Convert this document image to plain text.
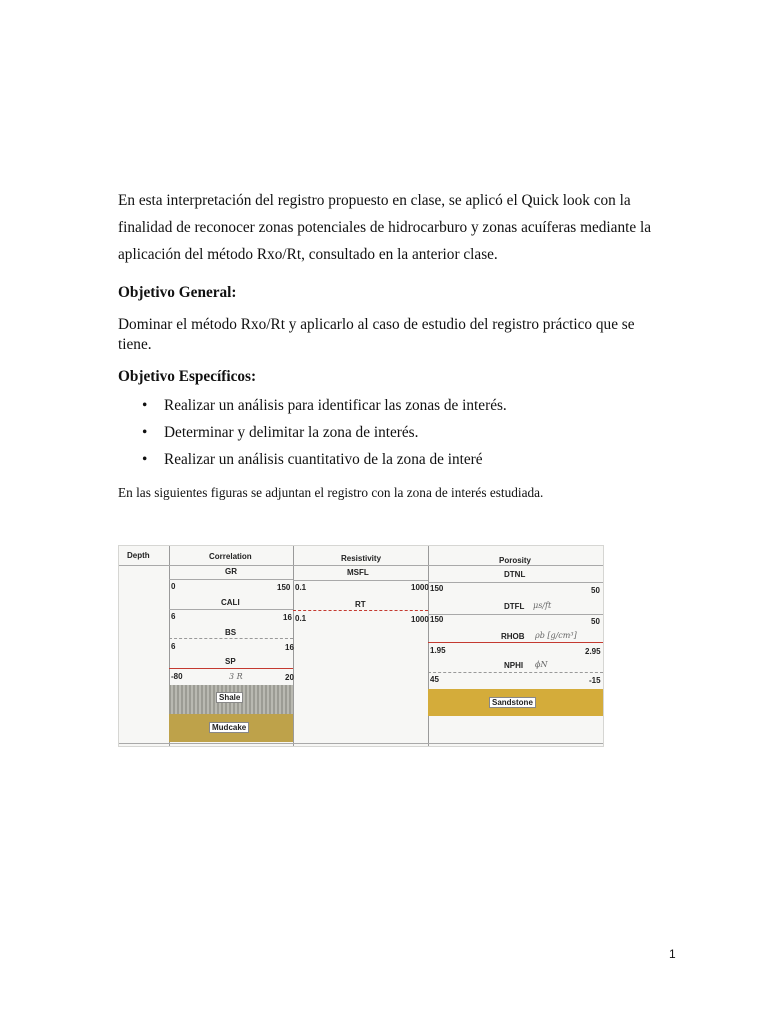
En esta interpretación del registro propuesto en clase, se aplicó el Quick look con la finalidad de reconocer zonas potenciales de hidrocarburo y zonas acuíferas mediante la aplicación del método Rxo/Rt, consultado en la anterior clase.

Objetivo General:

Dominar el método Rxo/Rt y aplicarlo al caso de estudio del registro práctico que se tiene.

Objetivo Específicos:

• Realizar un análisis para identificar las zonas de interés.
• Determinar y delimitar la zona de interés.
• Realizar un análisis cuantitativo de la zona de interé

En las siguientes figuras se adjuntan el registro con la zona de interés estudiada.

Depth	Correlation	Resistivity	Porosity
GR
0	150
CALI
6	16
BS
6	16
SP
-80	3 R	20
Shale
Mudcake
MSFL
0.1	1000
RT
0.1	1000
DTNL
150	50
DTFL μs/ft
50
150
RHOB ρb [g/cm³]
1.95	2.95
NPHI ϕN
45	-15
Sandstone
1
